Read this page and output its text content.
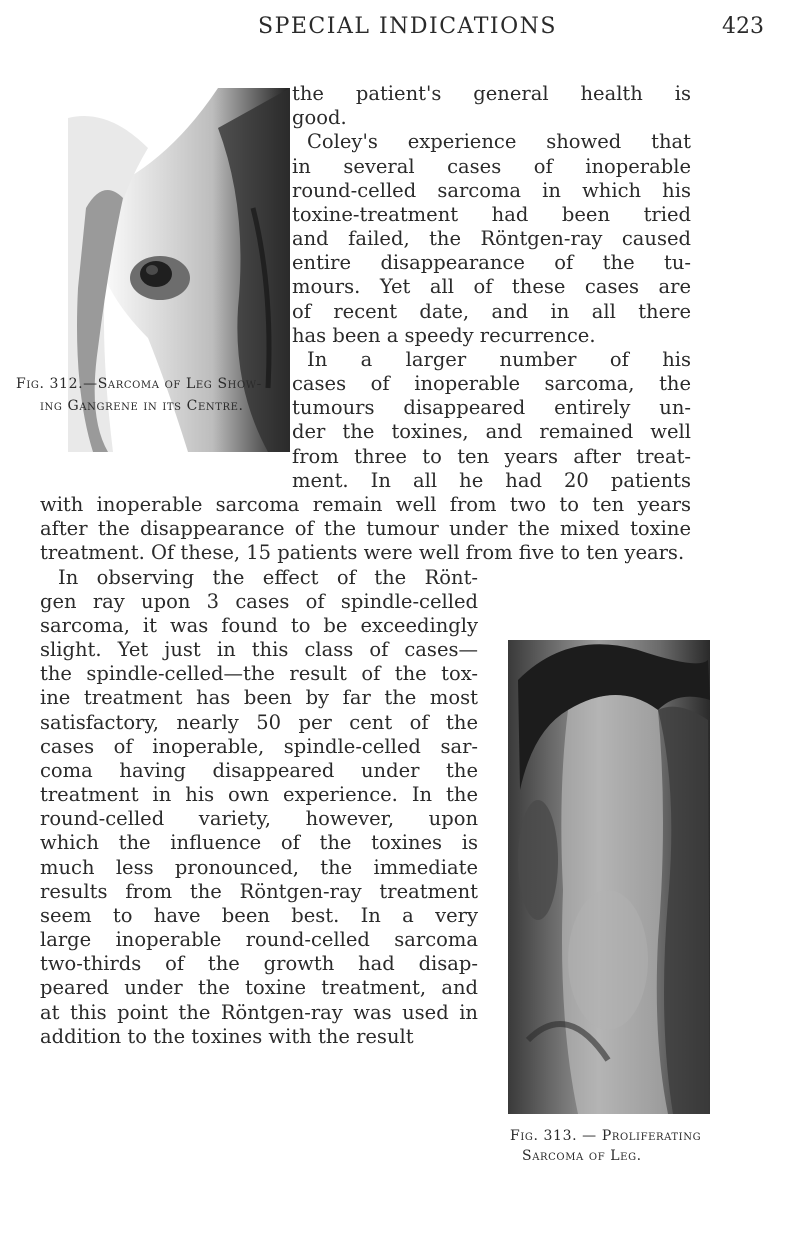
SPECIAL INDICATIONS	423
Fig. 312.—Sarcoma of Leg Show-
ing Gangrene in its Centre.
Fig. 313. — Proliferating
Sarcoma of Leg.
the patient's general health is
good.
Coley's experience showed that
in several cases of inoperable
round-celled sarcoma in which his
toxine-treatment had been tried
and failed, the Röntgen-ray caused
entire disappearance of the tu-
mours. Yet all of these cases are
of recent date, and in all there
has been a speedy recurrence.
In a larger number of his
cases of inoperable sarcoma, the
tumours disappeared entirely un-
der the toxines, and remained well
from three to ten years after treat-
ment. In all he had 20 patients
with inoperable sarcoma remain well from two to ten years
after the disappearance of the tumour under the mixed toxine
treatment. Of these, 15 patients were well from five to ten years.
In observing the effect of the Rönt-
gen ray upon 3 cases of spindle-celled
sarcoma, it was found to be exceedingly
slight. Yet just in this class of cases—
the spindle-celled—the result of the tox-
ine treatment has been by far the most
satisfactory, nearly 50 per cent of the
cases of inoperable, spindle-celled sar-
coma having disappeared under the
treatment in his own experience. In the
round-celled variety, however, upon
which the influence of the toxines is
much less pronounced, the immediate
results from the Röntgen-ray treatment
seem to have been best. In a very
large inoperable round-celled sarcoma
two-thirds of the growth had disap-
peared under the toxine treatment, and
at this point the Röntgen-ray was used in
addition to the toxines with the result
